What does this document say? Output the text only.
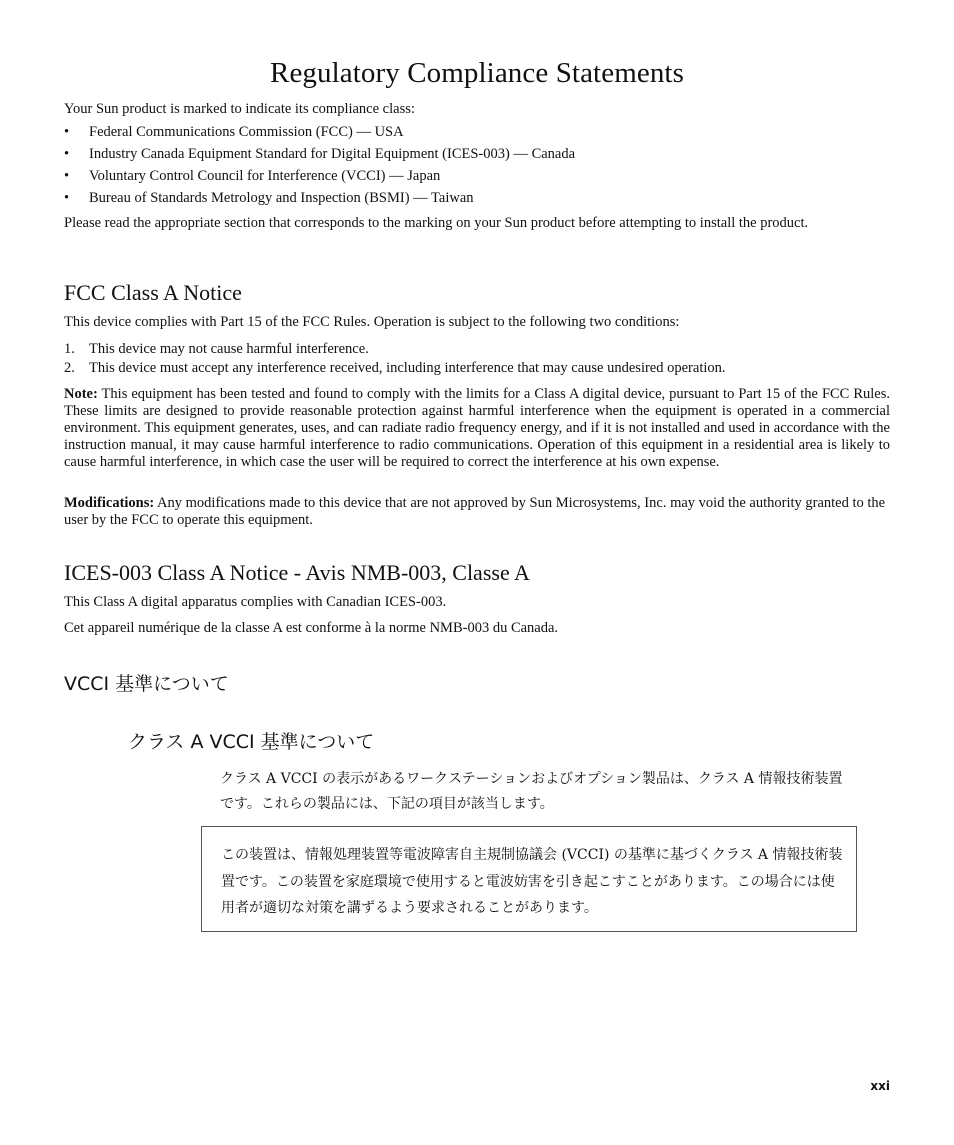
Regulatory Compliance Statements

Your Sun product is marked to indicate its compliance class:

• Federal Communications Commission (FCC) — USA
• Industry Canada Equipment Standard for Digital Equipment (ICES-003) — Canada
• Voluntary Control Council for Interference (VCCI) — Japan
• Bureau of Standards Metrology and Inspection (BSMI) — Taiwan

Please read the appropriate section that corresponds to the marking on your Sun product before attempting to install the product.

FCC Class A Notice

This device complies with Part 15 of the FCC Rules. Operation is subject to the following two conditions:

1. This device may not cause harmful interference.
2. This device must accept any interference received, including interference that may cause undesired operation.

Note: This equipment has been tested and found to comply with the limits for a Class A digital device, pursuant to Part 15 of the FCC Rules. These limits are designed to provide reasonable protection against harmful interference when the equipment is operated in a commercial environment. This equipment generates, uses, and can radiate radio frequency energy, and if it is not installed and used in accordance with the instruction manual, it may cause harmful interference to radio communications. Operation of this equipment in a residential area is likely to cause harmful interference, in which case the user will be required to correct the interference at his own expense.

Modifications: Any modifications made to this device that are not approved by Sun Microsystems, Inc. may void the authority granted to the user by the FCC to operate this equipment.

ICES-003 Class A Notice - Avis NMB-003, Classe A

This Class A digital apparatus complies with Canadian ICES-003.

Cet appareil numérique de la classe A est conforme à la norme NMB-003 du Canada.

VCCI 基準について
クラス A VCCI 基準について
クラス A VCCI の表示があるワークステーションおよびオプション製品は、クラス A 情報技術装置です。これらの製品には、下記の項目が該当します。
この装置は、情報処理装置等電波障害自主規制協議会 (VCCI) の基準に基づくクラス A 情報技術装置です。この装置を家庭環境で使用すると電波妨害を引き起こすことがあります。この場合には使用者が適切な対策を講ずるよう要求されることがあります。
xxi
